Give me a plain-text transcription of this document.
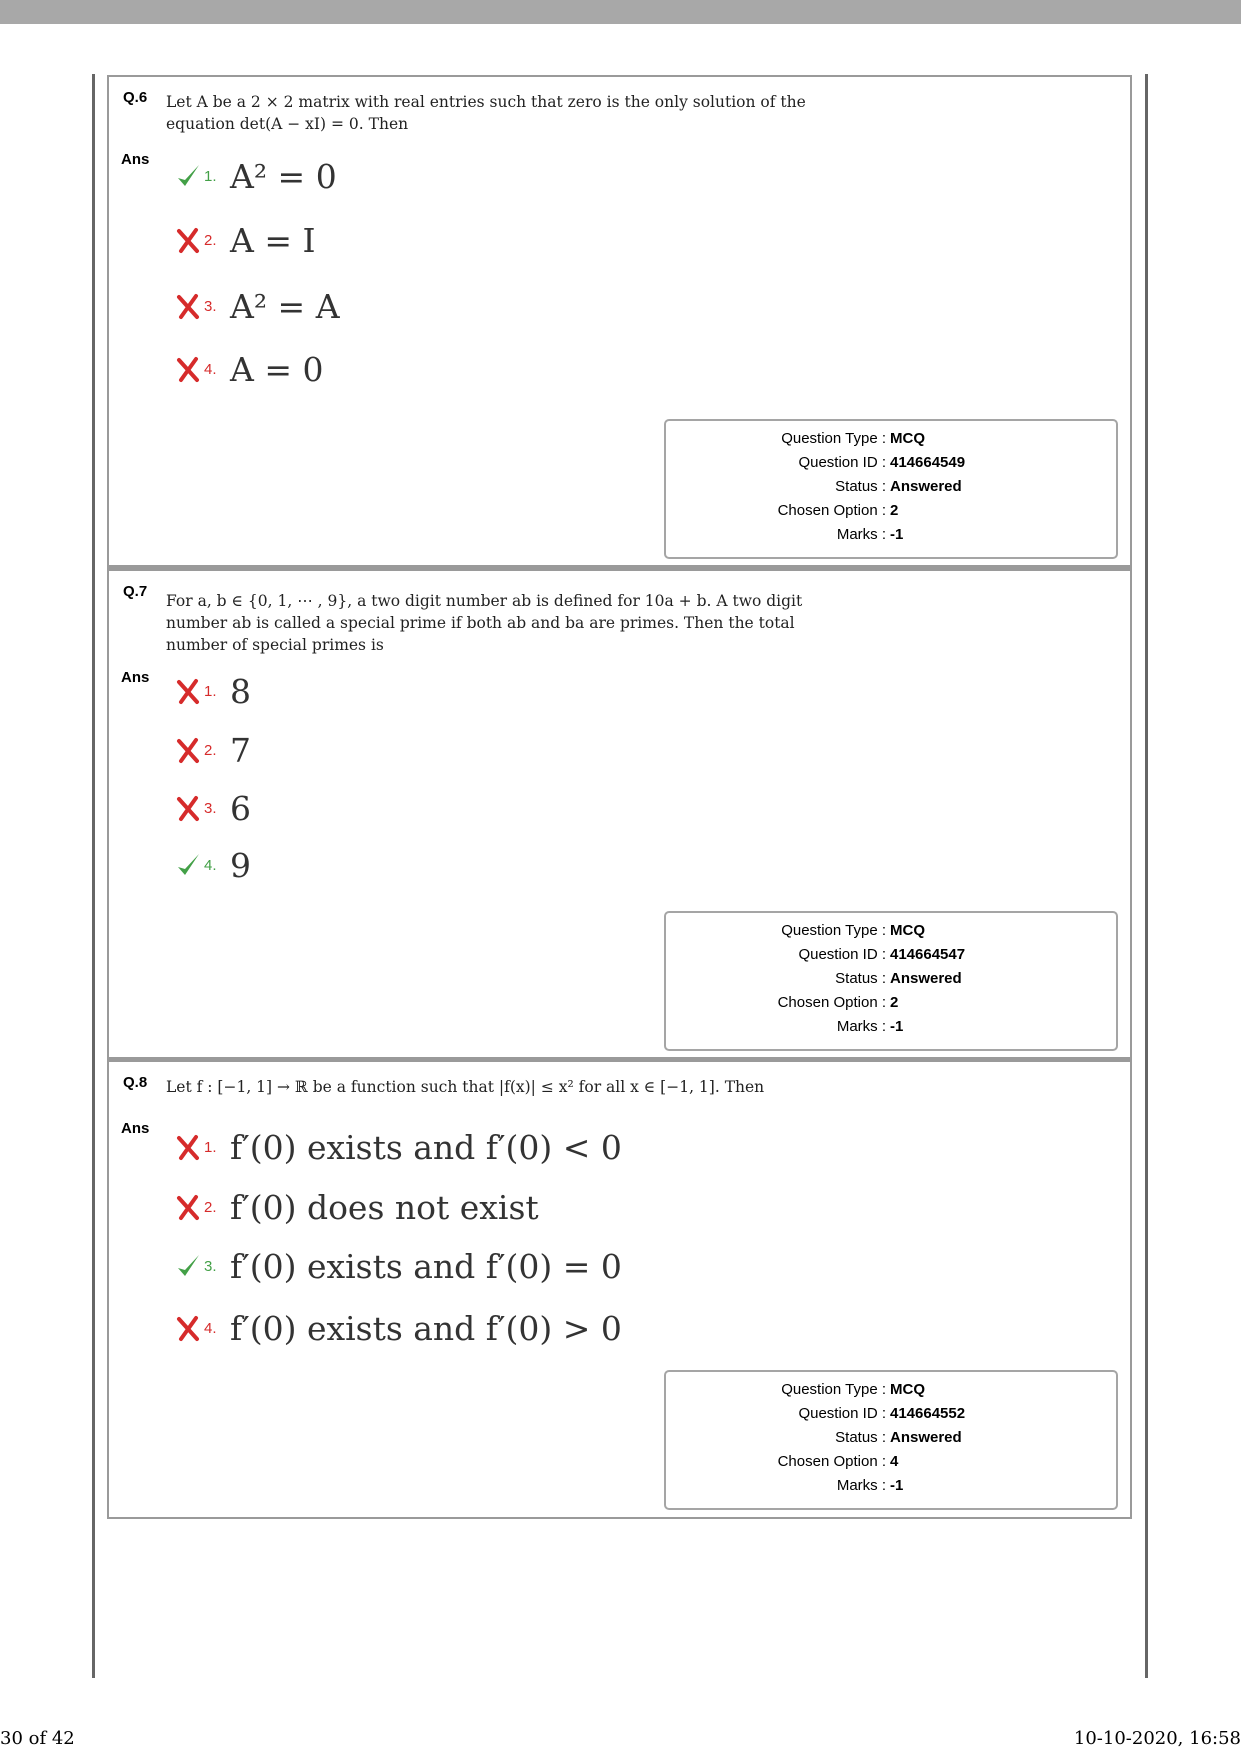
Q.6 Let A be a 2 × 2 matrix with real entries such that zero is the only solution of the
equation det(A − xI) = 0. Then
Ans
1. A² = 0
2. A = I
3. A² = A
4. A = 0
Question Type : MCQ
Question ID : 414664549
Status : Answered
Chosen Option : 2
Marks : -1
Q.7
For a, b ∈ {0, 1, ⋯ , 9}, a two digit number ab is defined for 10a + b. A two digit
number ab is called a special prime if both ab and ba are primes. Then the total
number of special primes is
Ans
1. 8
2. 7
3. 6
4. 9
Question Type : MCQ
Question ID : 414664547
Status : Answered
Chosen Option : 2
Marks : -1
Q.8 Let f : [−1, 1] → ℝ be a function such that |f(x)| ≤ x² for all x ∈ [−1, 1]. Then
Ans
1. f′(0) exists and f′(0) < 0
2. f′(0) does not exist
3. f′(0) exists and f′(0) = 0
4. f′(0) exists and f′(0) > 0
Question Type : MCQ
Question ID : 414664552
Status : Answered
Chosen Option : 4
Marks : -1
30 of 42	10-10-2020, 16:58
